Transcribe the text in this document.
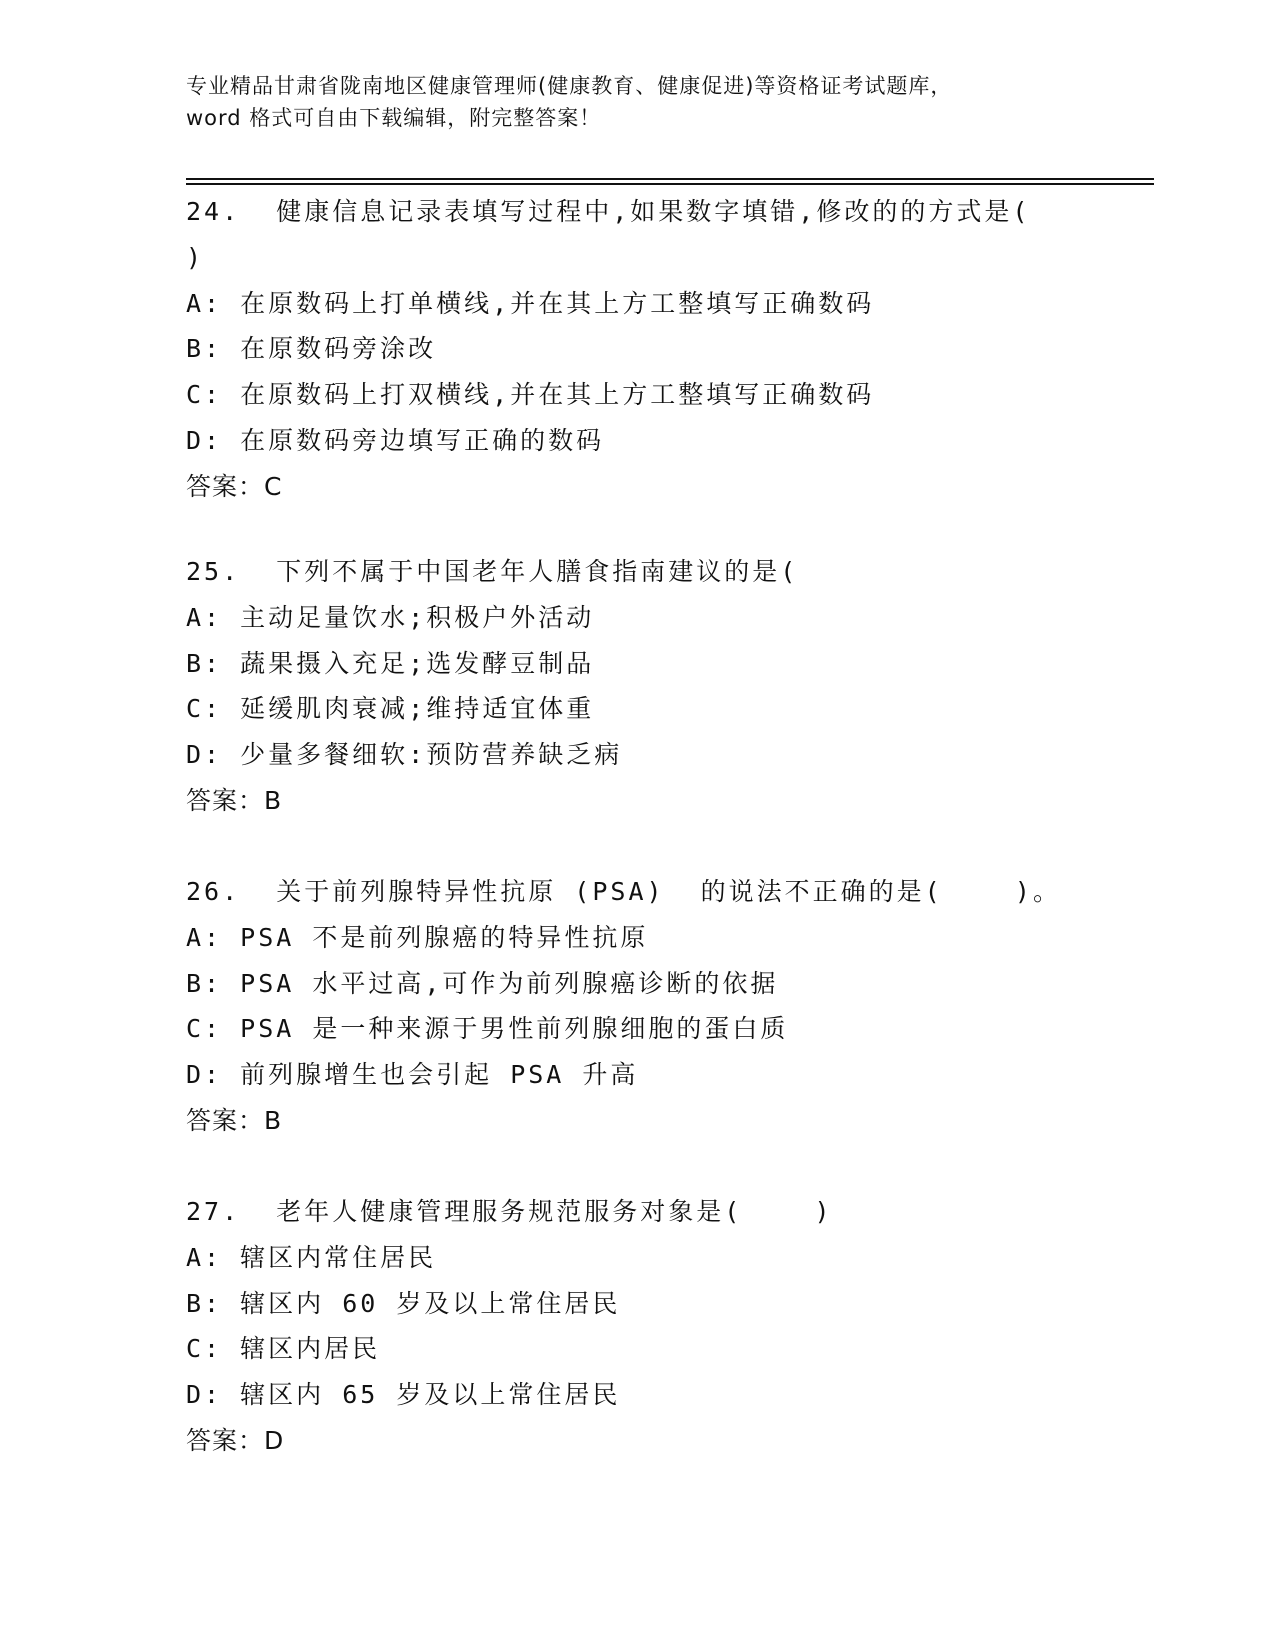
专业精品甘肃省陇南地区健康管理师(健康教育、健康促进)等资格证考试题库，
word 格式可自由下载编辑，附完整答案！
24.  健康信息记录表填写过程中,如果数字填错,修改的的方式是(
)
A: 在原数码上打单横线,并在其上方工整填写正确数码
B: 在原数码旁涂改
C: 在原数码上打双横线,并在其上方工整填写正确数码
D: 在原数码旁边填写正确的数码
答案：C
25.  下列不属于中国老年人膳食指南建议的是(
A: 主动足量饮水;积极户外活动
B: 蔬果摄入充足;选发酵豆制品
C: 延缓肌肉衰减;维持适宜体重
D: 少量多餐细软:预防营养缺乏病
答案：B
26.  关于前列腺特异性抗原 (PSA)  的说法不正确的是(    )。
A: PSA 不是前列腺癌的特异性抗原
B: PSA 水平过高,可作为前列腺癌诊断的依据
C: PSA 是一种来源于男性前列腺细胞的蛋白质
D: 前列腺增生也会引起 PSA 升高
答案：B
27.  老年人健康管理服务规范服务对象是(    )
A: 辖区内常住居民
B: 辖区内 60 岁及以上常住居民
C: 辖区内居民
D: 辖区内 65 岁及以上常住居民
答案：D
